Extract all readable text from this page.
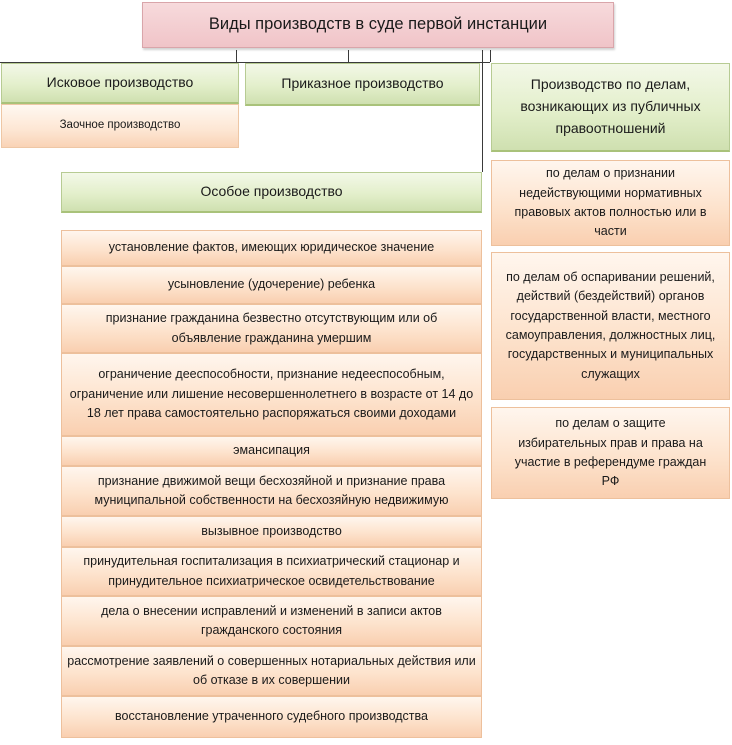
Виды производств в суде первой инстанции
Исковое производство
Заочное производство
Приказное производство	Производство по делам, возникающих из публичных правоотношений
Особое производство
установление фактов, имеющих юридическое значение
усыновление (удочерение) ребенка
признание гражданина безвестно отсутствующим или об объявление гражданина умершим
ограничение дееспособности, признание недееспособным, ограничение или лишение несовершеннолетнего в возрасте от 14 до 18 лет права самостоятельно распоряжаться своими доходами
эмансипация
признание движимой вещи бесхозяйной и признание права муниципальной собственности на бесхозяйную недвижимую
вызывное производство
принудительная госпитализация в психиатрический стационар и принудительное психиатрическое освидетельствование
дела о внесении исправлений и изменений в записи актов гражданского состояния
рассмотрение заявлений о совершенных нотариальных действия или об отказе в их совершении
восстановление утраченного судебного производства
по делам о признании недействующими нормативных правовых актов полностью или в части
по делам об оспаривании решений, действий (бездействий) органов государственной власти, местного самоуправления, должностных лиц, государственных и муниципальных служащих
по делам о защите избирательных прав и права на участие в референдуме граждан РФ
